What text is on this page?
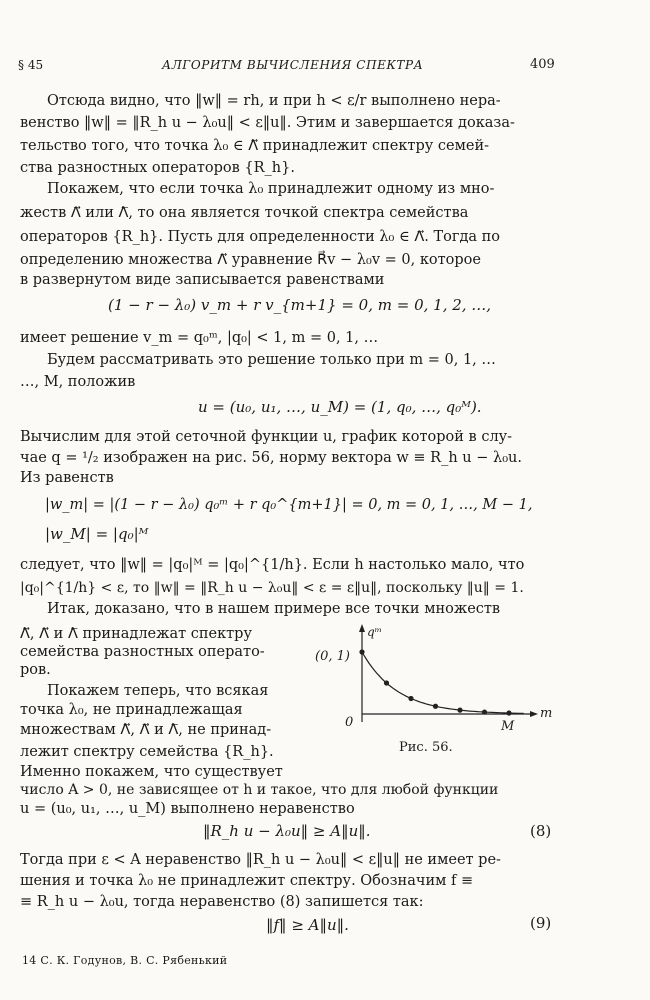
§ 45	АЛГОРИТМ ВЫЧИСЛЕНИЯ СПЕКТРА	409
Отсюда видно, что ‖w‖ = rh, и при h < ε/r выполнено нера-
венство ‖w‖ = ‖R_h u − λ₀u‖ < ε‖u‖. Этим и завершается доказа-
тельство того, что точка λ₀ ∈ Λ⃡ принадлежит спектру семей-
ства разностных операторов {R_h}.
Покажем, что если точка λ₀ принадлежит одному из мно-
жеств Λ⃗ или Λ⃖, то она является точкой спектра семейства
операторов {R_h}. Пусть для определенности λ₀ ∈ Λ⃗. Тогда по
определению множества Λ⃗ уравнение R⃗v − λ₀v = 0, которое
в развернутом виде записывается равенствами
(1 − r − λ₀) v_m + r v_{m+1} = 0, m = 0, 1, 2, …,
имеет решение v_m = q₀ᵐ, |q₀| < 1, m = 0, 1, …
Будем рассматривать это решение только при m = 0, 1, …
…, M, положив
u = (u₀, u₁, …, u_M) = (1, q₀, …, q₀ᴹ).
Вычислим для этой сеточной функции u, график которой в слу-
чае q = ¹/₂ изображен на рис. 56, норму вектора w ≡ R_h u − λ₀u.
Из равенств
|w_m| = |(1 − r − λ₀) q₀ᵐ + r q₀^{m+1}| = 0, m = 0, 1, …, M − 1,
|w_M| = |q₀|ᴹ
следует, что ‖w‖ = |q₀|ᴹ = |q₀|^{1/h}. Если h настолько мало, что
|q₀|^{1/h} < ε, то ‖w‖ = ‖R_h u − λ₀u‖ < ε = ε‖u‖, поскольку ‖u‖ = 1.
Итак, доказано, что в нашем примере все точки множеств
Λ⃡, Λ⃗ и Λ⃖ принадлежат спектру
семейства разностных операто-
ров.
Покажем теперь, что всякая
точка λ₀, не принадлежащая
множествам Λ⃡, Λ⃗ и Λ⃖, не принад-
лежит спектру семейства {R_h}.
Именно покажем, что существует
qᵐ
(0, 1)
0	M
m
Рис. 56.
число A > 0, не зависящее от h и такое, что для любой функции
u = (u₀, u₁, …, u_M) выполнено неравенство
‖R_h u − λ₀u‖ ≥ A‖u‖.	(8)
Тогда при ε < A неравенство ‖R_h u − λ₀u‖ < ε‖u‖ не имеет ре-
шения и точка λ₀ не принадлежит спектру. Обозначим f ≡
≡ R_h u − λ₀u, тогда неравенство (8) запишется так:
‖f‖ ≥ A‖u‖.	(9)
14 С. К. Годунов, В. С. Рябенький
